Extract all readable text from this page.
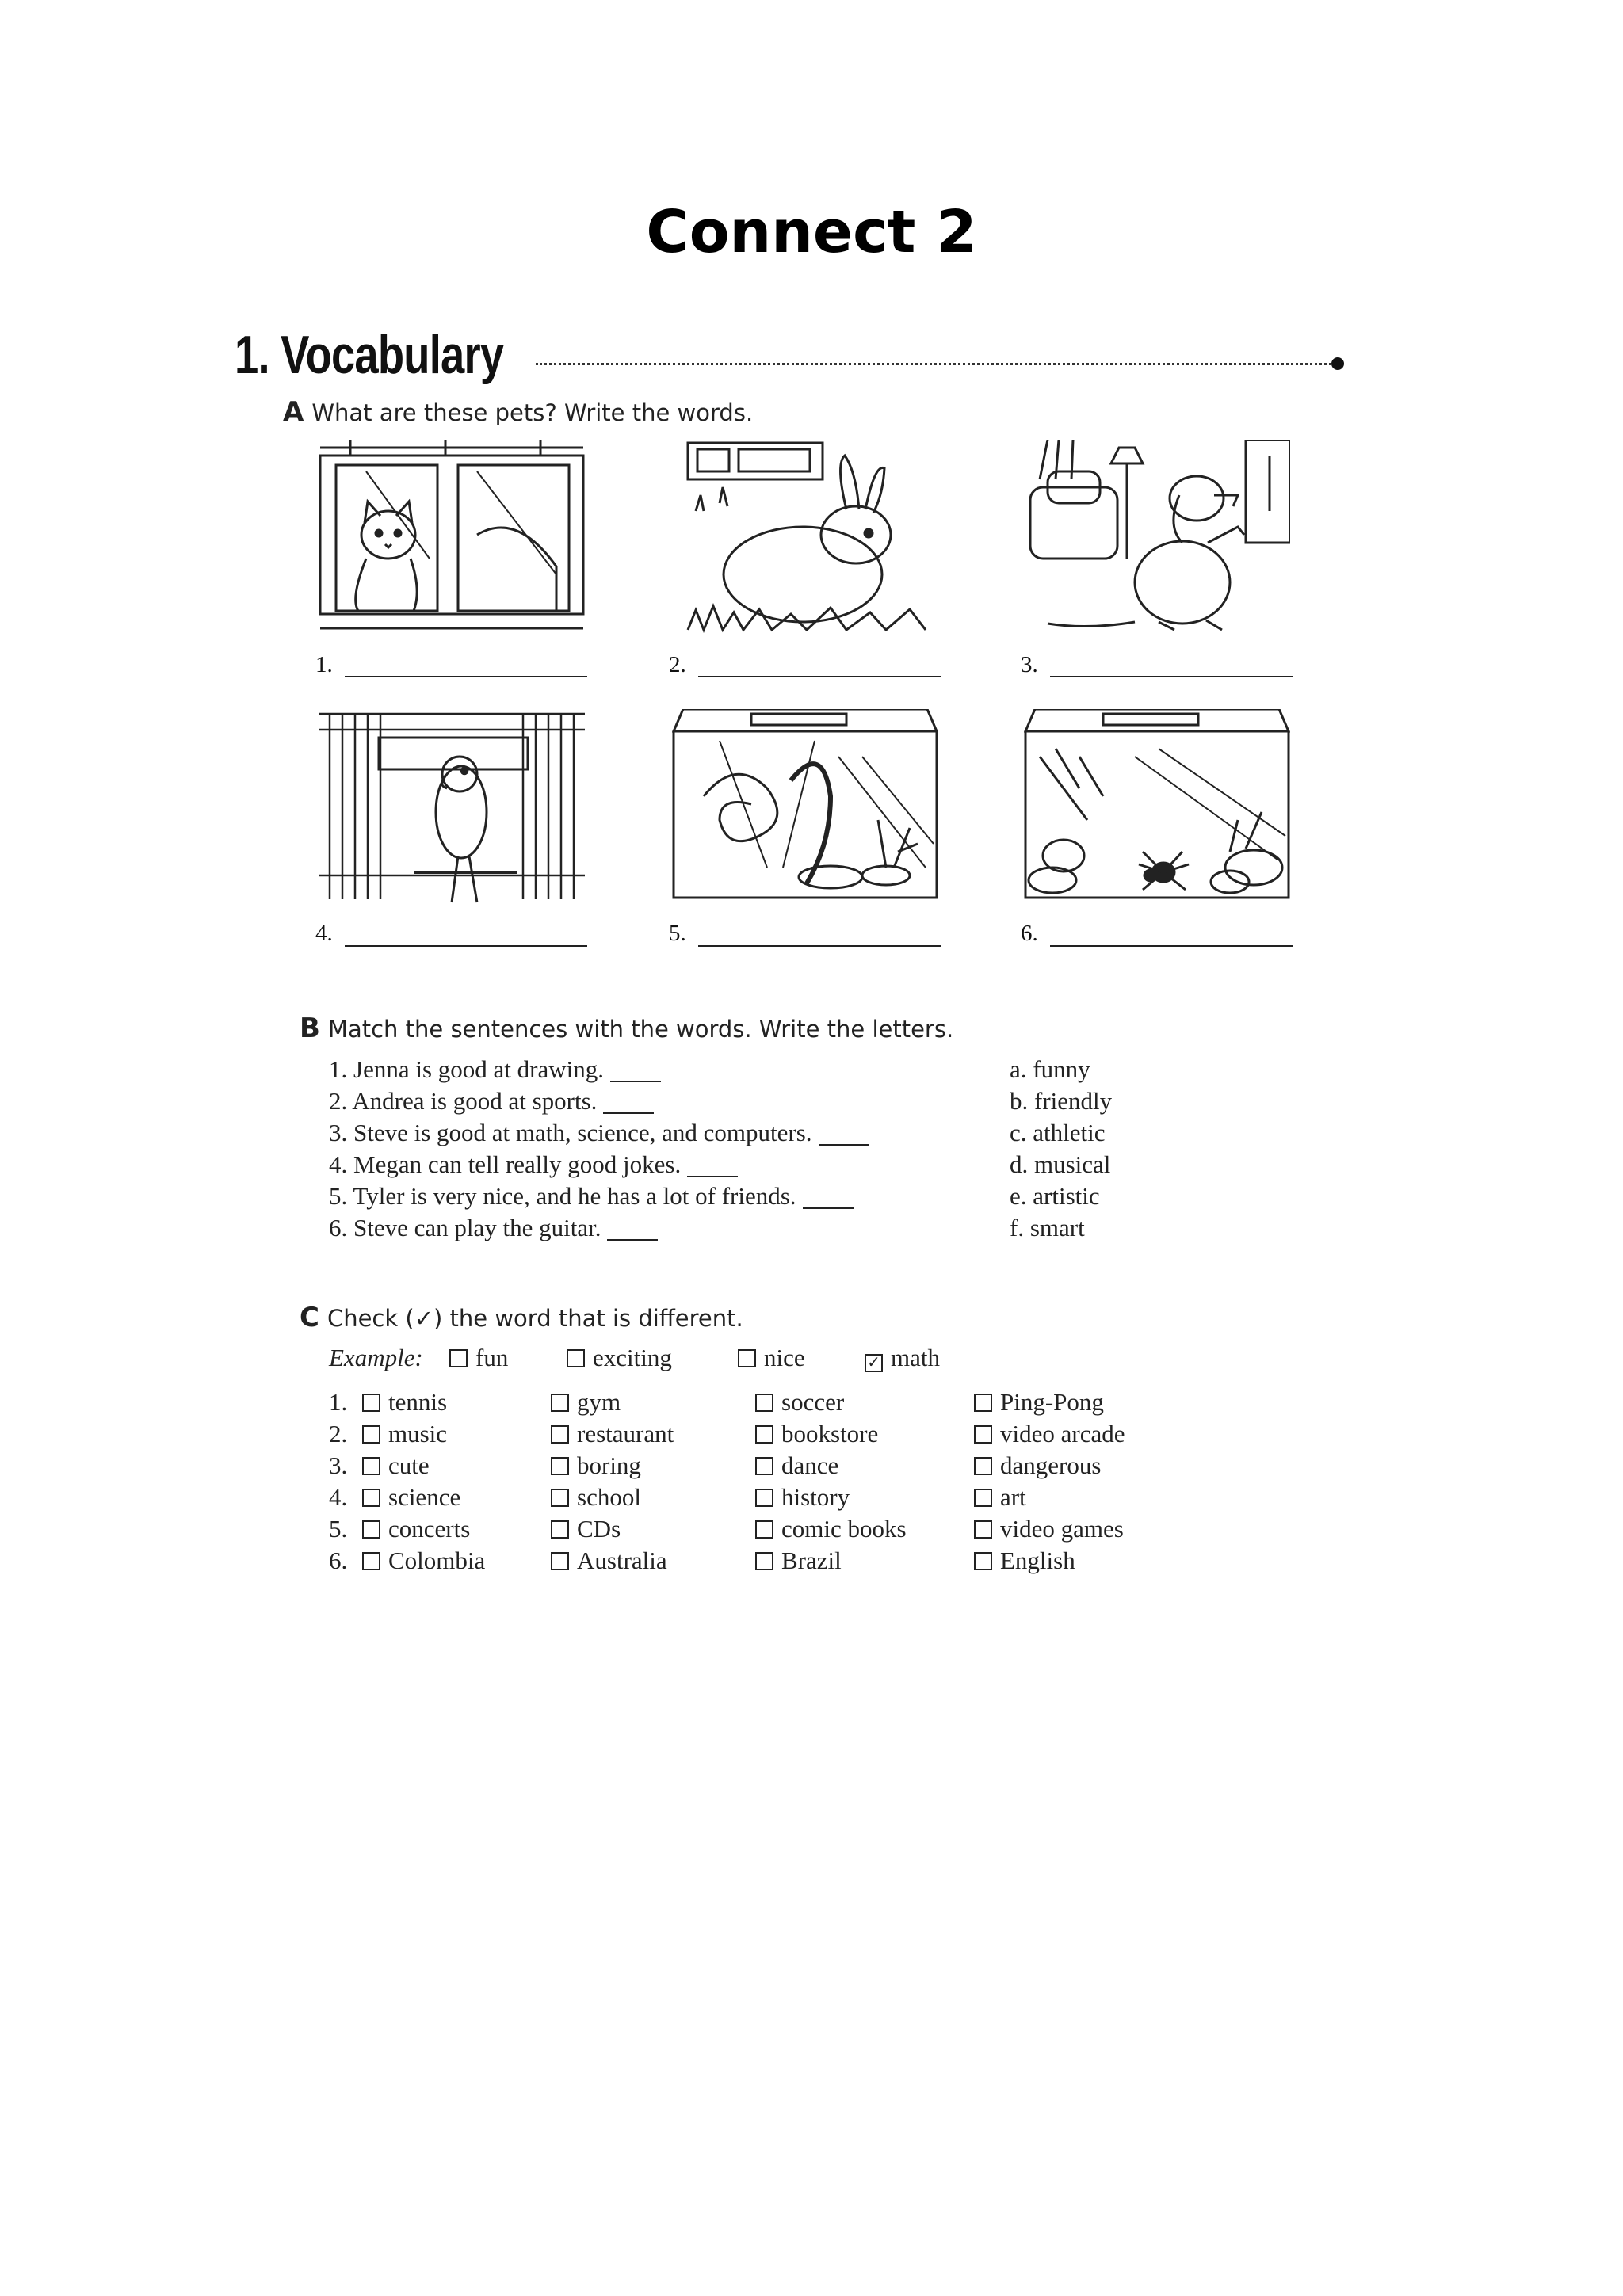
Connect 2
1. Vocabulary
A What are these pets? Write the words.
1.	2.	3.
4.	5.	6.
B Match the sentences with the words. Write the letters.
1. Jenna is good at drawing.
2. Andrea is good at sports.
3. Steve is good at math, science, and computers.
4. Megan can tell really good jokes.
5. Tyler is very nice, and he has a lot of friends.
6. Steve can play the guitar.
a. funny
b. friendly
c. athletic
d. musical
e. artistic
f. smart
C Check (✓) the word that is different.
Example:	fun	exciting	nice	✓ math
1.	tennis	gym	soccer	Ping-Pong
2.	music	restaurant	bookstore	video arcade
3.	cute	boring	dance	dangerous
4.	science	school	history	art
5.	concerts	CDs	comic books	video games
6.	Colombia	Australia	Brazil	English
